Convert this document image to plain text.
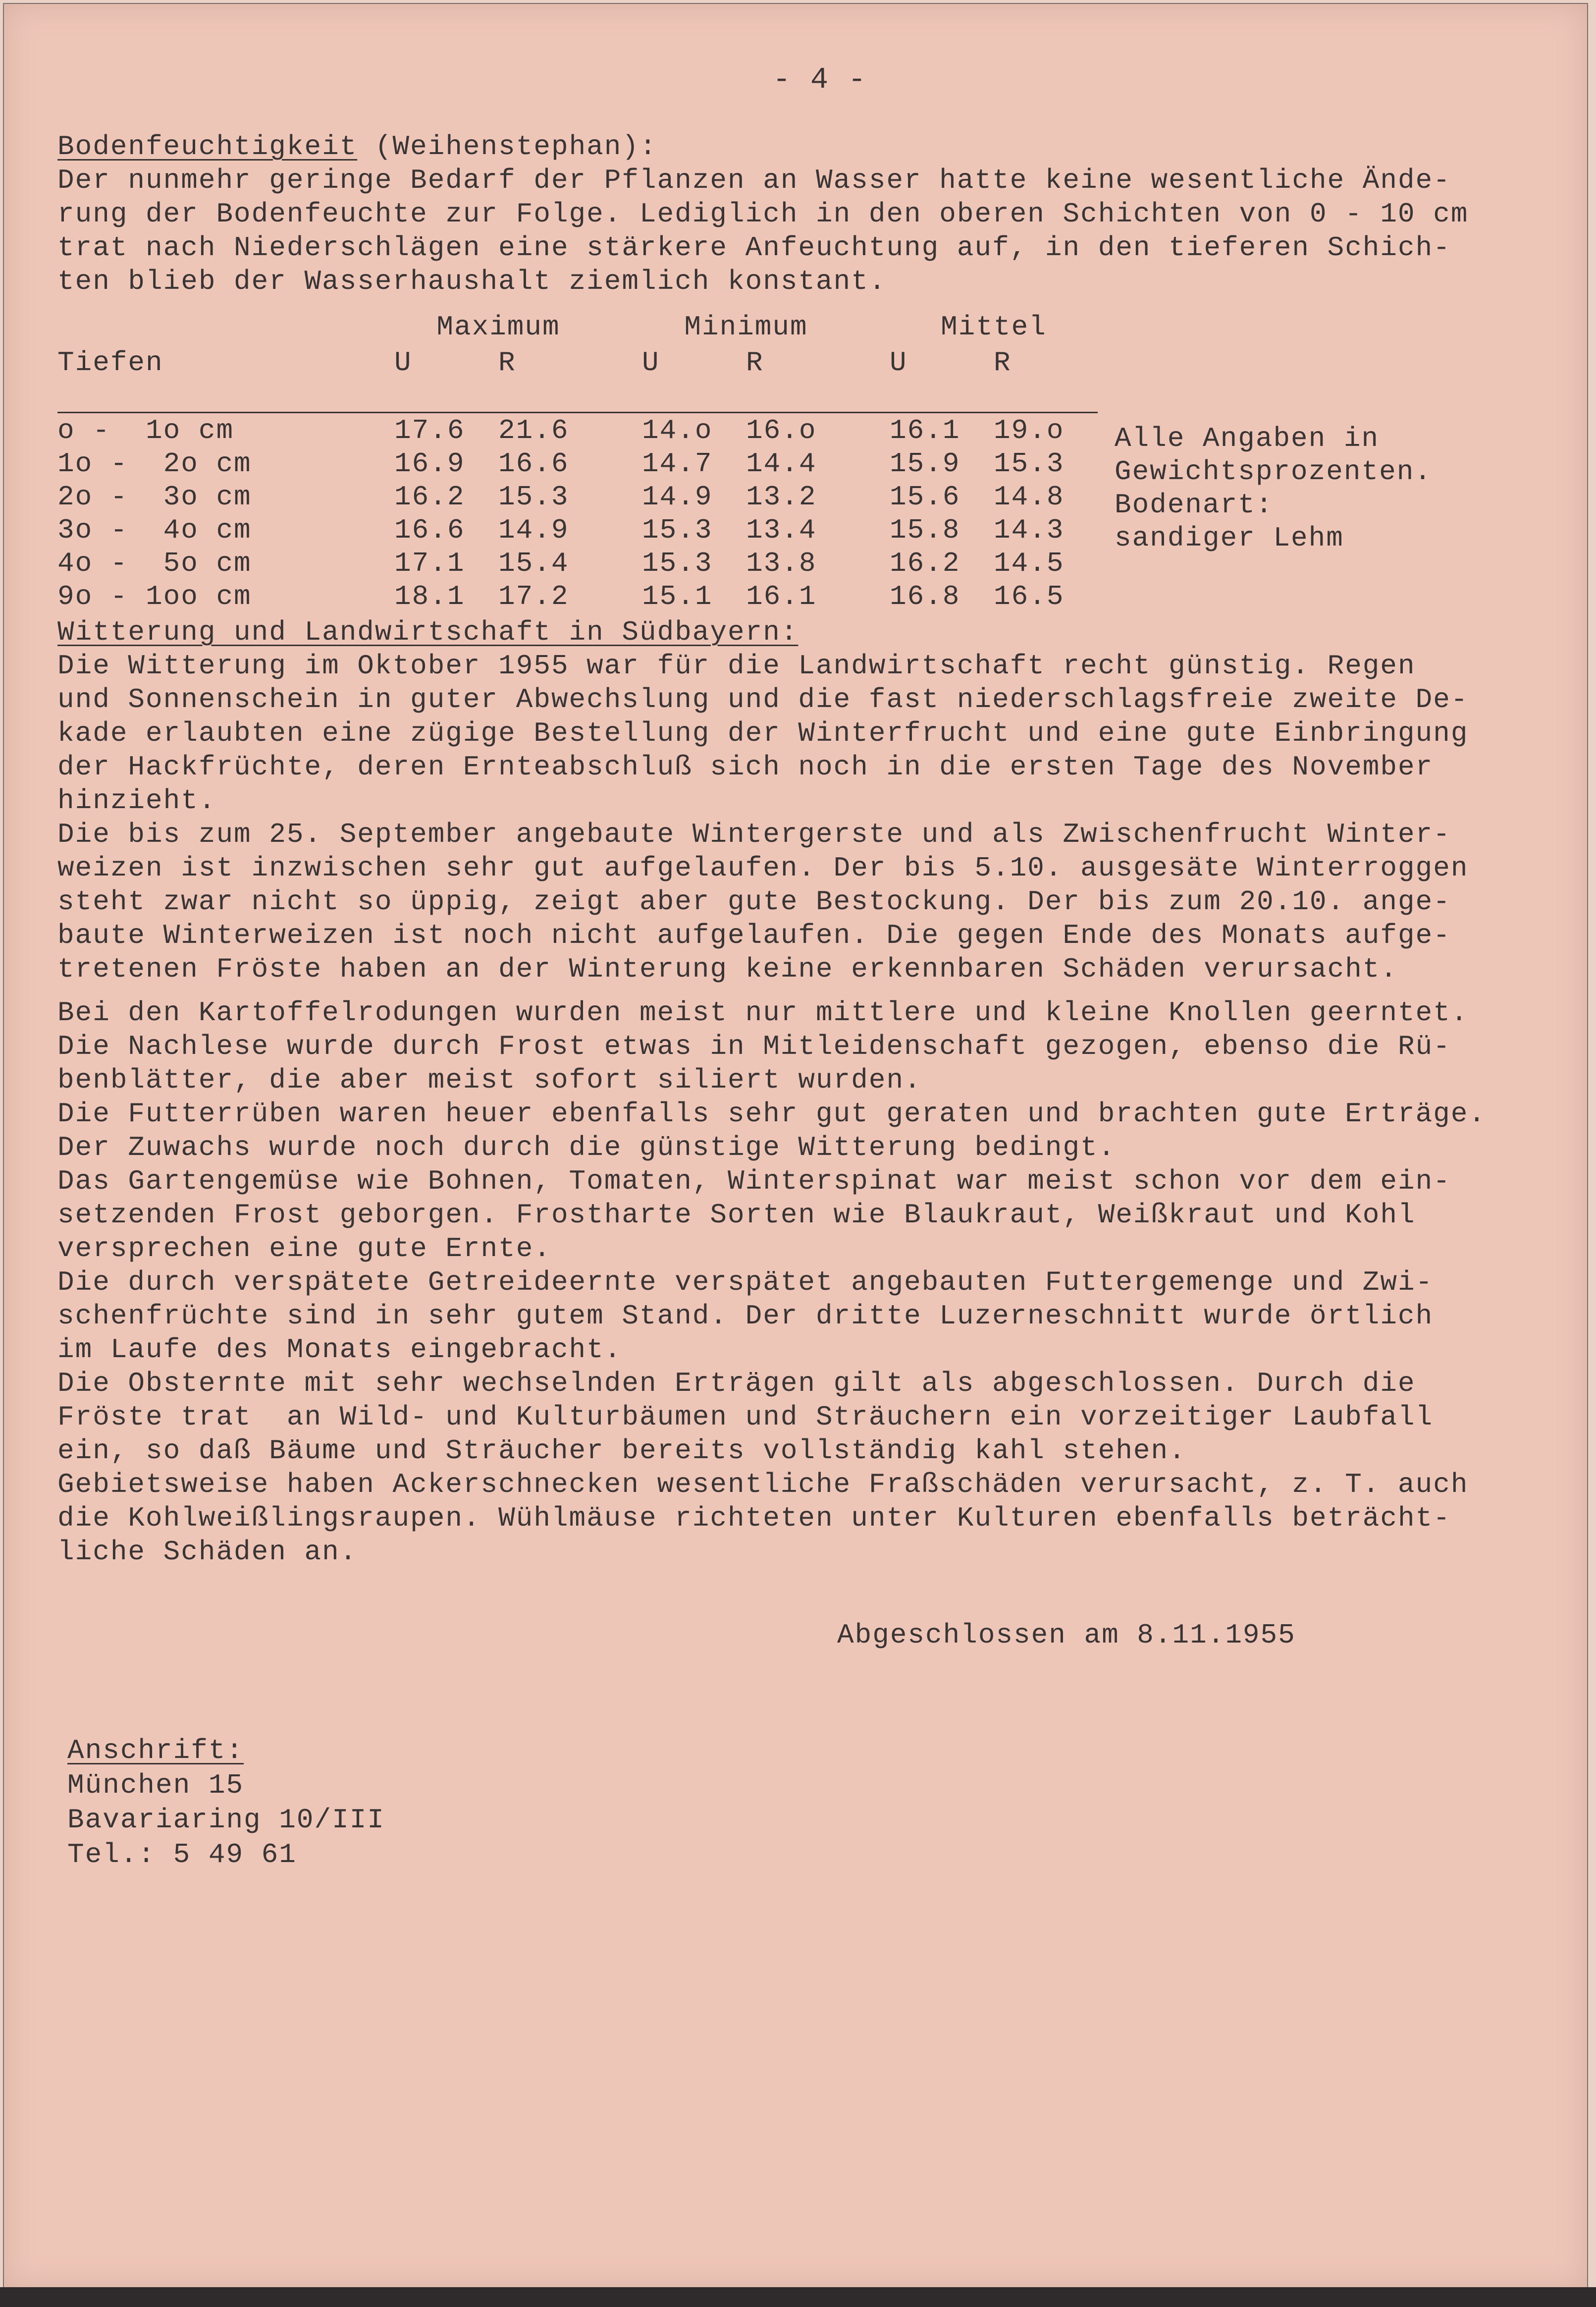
- 4 -
Bodenfeuchtigkeit (Weihenstephan):
Der nunmehr geringe Bedarf der Pflanzen an Wasser hatte keine wesentliche Ände-
rung der Bodenfeuchte zur Folge. Lediglich in den oberen Schichten von 0 - 10 cm
trat nach Niederschlägen eine stärkere Anfeuchtung auf, in den tieferen Schich-
ten blieb der Wasserhaushalt ziemlich konstant.
	Maximum			Minimum			Mittel	
Tiefen	U	R		U	R		U	R

o -  1o cm	17.6	21.6		14.o	16.o		16.1	19.o
1o -  2o cm	16.9	16.6		14.7	14.4		15.9	15.3
2o -  3o cm	16.2	15.3		14.9	13.2		15.6	14.8
3o -  4o cm	16.6	14.9		15.3	13.4		15.8	14.3
4o -  5o cm	17.1	15.4		15.3	13.8		16.2	14.5
9o - 1oo cm	18.1	17.2		15.1	16.1		16.8	16.5
Alle Angaben in
Gewichtsprozenten.
Bodenart:
sandiger Lehm
Witterung und Landwirtschaft in Südbayern:
Die Witterung im Oktober 1955 war für die Landwirtschaft recht günstig. Regen
und Sonnenschein in guter Abwechslung und die fast niederschlagsfreie zweite De-
kade erlaubten eine zügige Bestellung der Winterfrucht und eine gute Einbringung
der Hackfrüchte, deren Ernteabschluß sich noch in die ersten Tage des November
hinzieht.
Die bis zum 25. September angebaute Wintergerste und als Zwischenfrucht Winter-
weizen ist inzwischen sehr gut aufgelaufen. Der bis 5.10. ausgesäte Winterroggen
steht zwar nicht so üppig, zeigt aber gute Bestockung. Der bis zum 20.10. ange-
baute Winterweizen ist noch nicht aufgelaufen. Die gegen Ende des Monats aufge-
tretenen Fröste haben an der Winterung keine erkennbaren Schäden verursacht.
Bei den Kartoffelrodungen wurden meist nur mittlere und kleine Knollen geerntet.
Die Nachlese wurde durch Frost etwas in Mitleidenschaft gezogen, ebenso die Rü-
benblätter, die aber meist sofort siliert wurden.
Die Futterrüben waren heuer ebenfalls sehr gut geraten und brachten gute Erträge.
Der Zuwachs wurde noch durch die günstige Witterung bedingt.
Das Gartengemüse wie Bohnen, Tomaten, Winterspinat war meist schon vor dem ein-
setzenden Frost geborgen. Frostharte Sorten wie Blaukraut, Weißkraut und Kohl
versprechen eine gute Ernte.
Die durch verspätete Getreideernte verspätet angebauten Futtergemenge und Zwi-
schenfrüchte sind in sehr gutem Stand. Der dritte Luzerneschnitt wurde örtlich
im Laufe des Monats eingebracht.
Die Obsternte mit sehr wechselnden Erträgen gilt als abgeschlossen. Durch die
Fröste trat  an Wild- und Kulturbäumen und Sträuchern ein vorzeitiger Laubfall
ein, so daß Bäume und Sträucher bereits vollständig kahl stehen.
Gebietsweise haben Ackerschnecken wesentliche Fraßschäden verursacht, z. T. auch
die Kohlweißlingsraupen. Wühlmäuse richteten unter Kulturen ebenfalls beträcht-
liche Schäden an.
Abgeschlossen am 8.11.1955
Anschrift:
München 15
Bavariaring 10/III
Tel.: 5 49 61
